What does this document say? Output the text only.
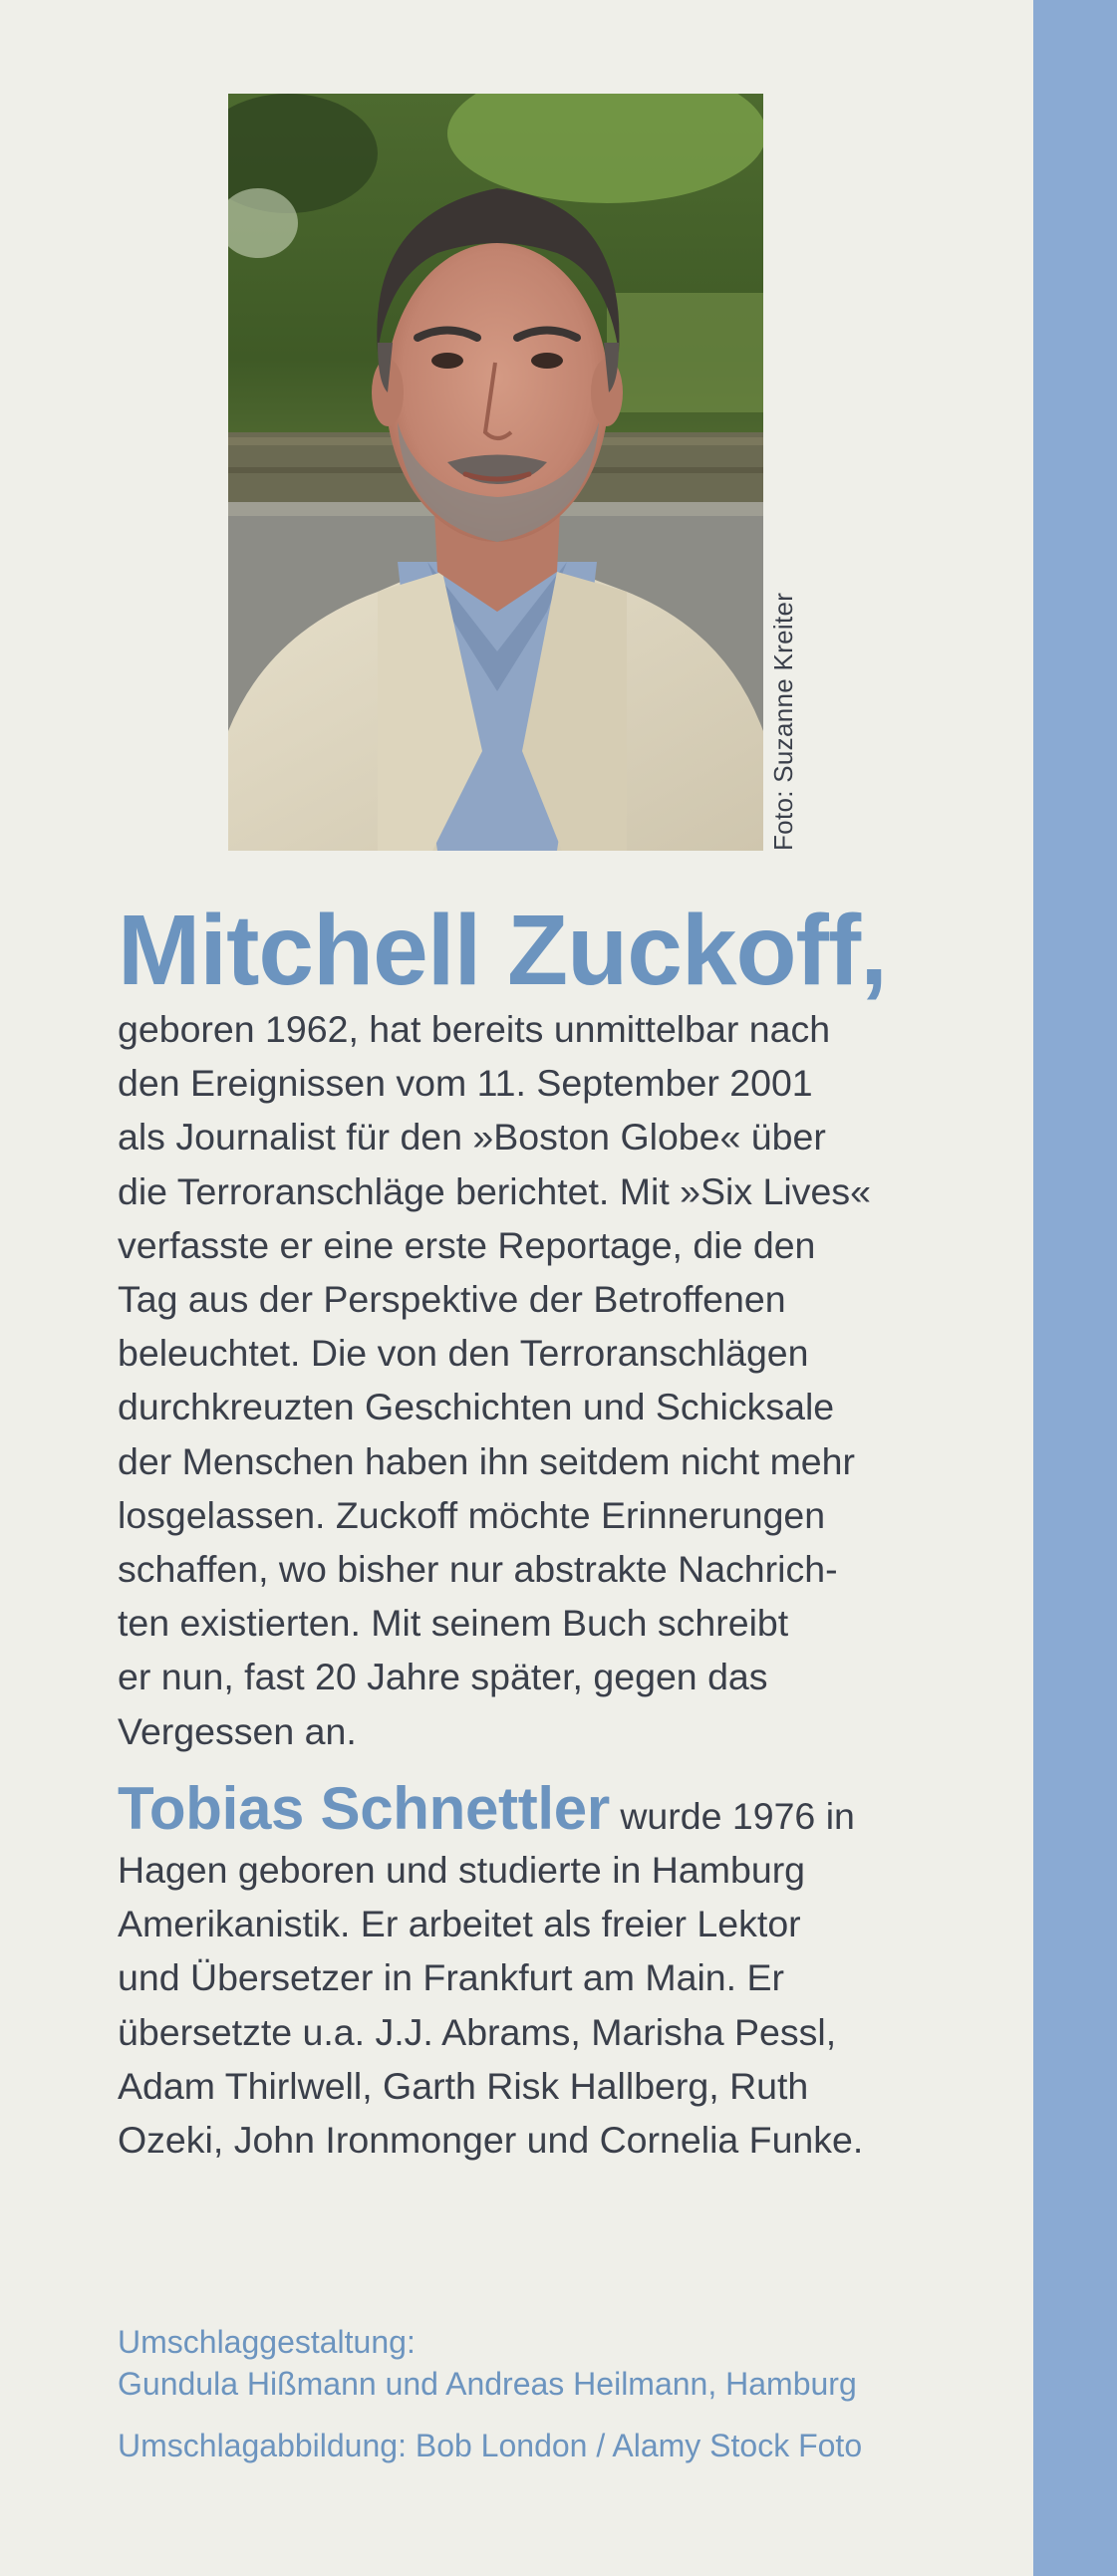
Foto: Suzanne Kreiter
Mitchell Zuckoff,

geboren 1962, hat bereits unmittelbar nach
den Ereignissen vom 11. September 2001
als Journalist für den »Boston Globe« über
die Terroranschläge berichtet. Mit »Six Lives«
verfasste er eine erste Reportage, die den
Tag aus der Perspektive der Betroffenen
beleuchtet. Die von den Terroranschlägen
durchkreuzten Geschichten und Schicksale
der Menschen haben ihn seitdem nicht mehr
losgelassen. Zuckoff möchte Erinnerungen
schaffen, wo bisher nur abstrakte Nachrich-
ten existierten. Mit seinem Buch schreibt
er nun, fast 20 Jahre später, gegen das
Vergessen an.

Tobias Schnettler wurde 1976 in
Hagen geboren und studierte in Hamburg
Amerikanistik. Er arbeitet als freier Lektor
und Übersetzer in Frankfurt am Main. Er
übersetzte u.a. J.J. Abrams, Marisha Pessl,
Adam Thirlwell, Garth Risk Hallberg, Ruth
Ozeki, John Ironmonger und Cornelia Funke.

Umschlaggestaltung:

Gundula Hißmann und Andreas Heilmann, Hamburg

Umschlagabbildung: Bob London / Alamy Stock Foto
